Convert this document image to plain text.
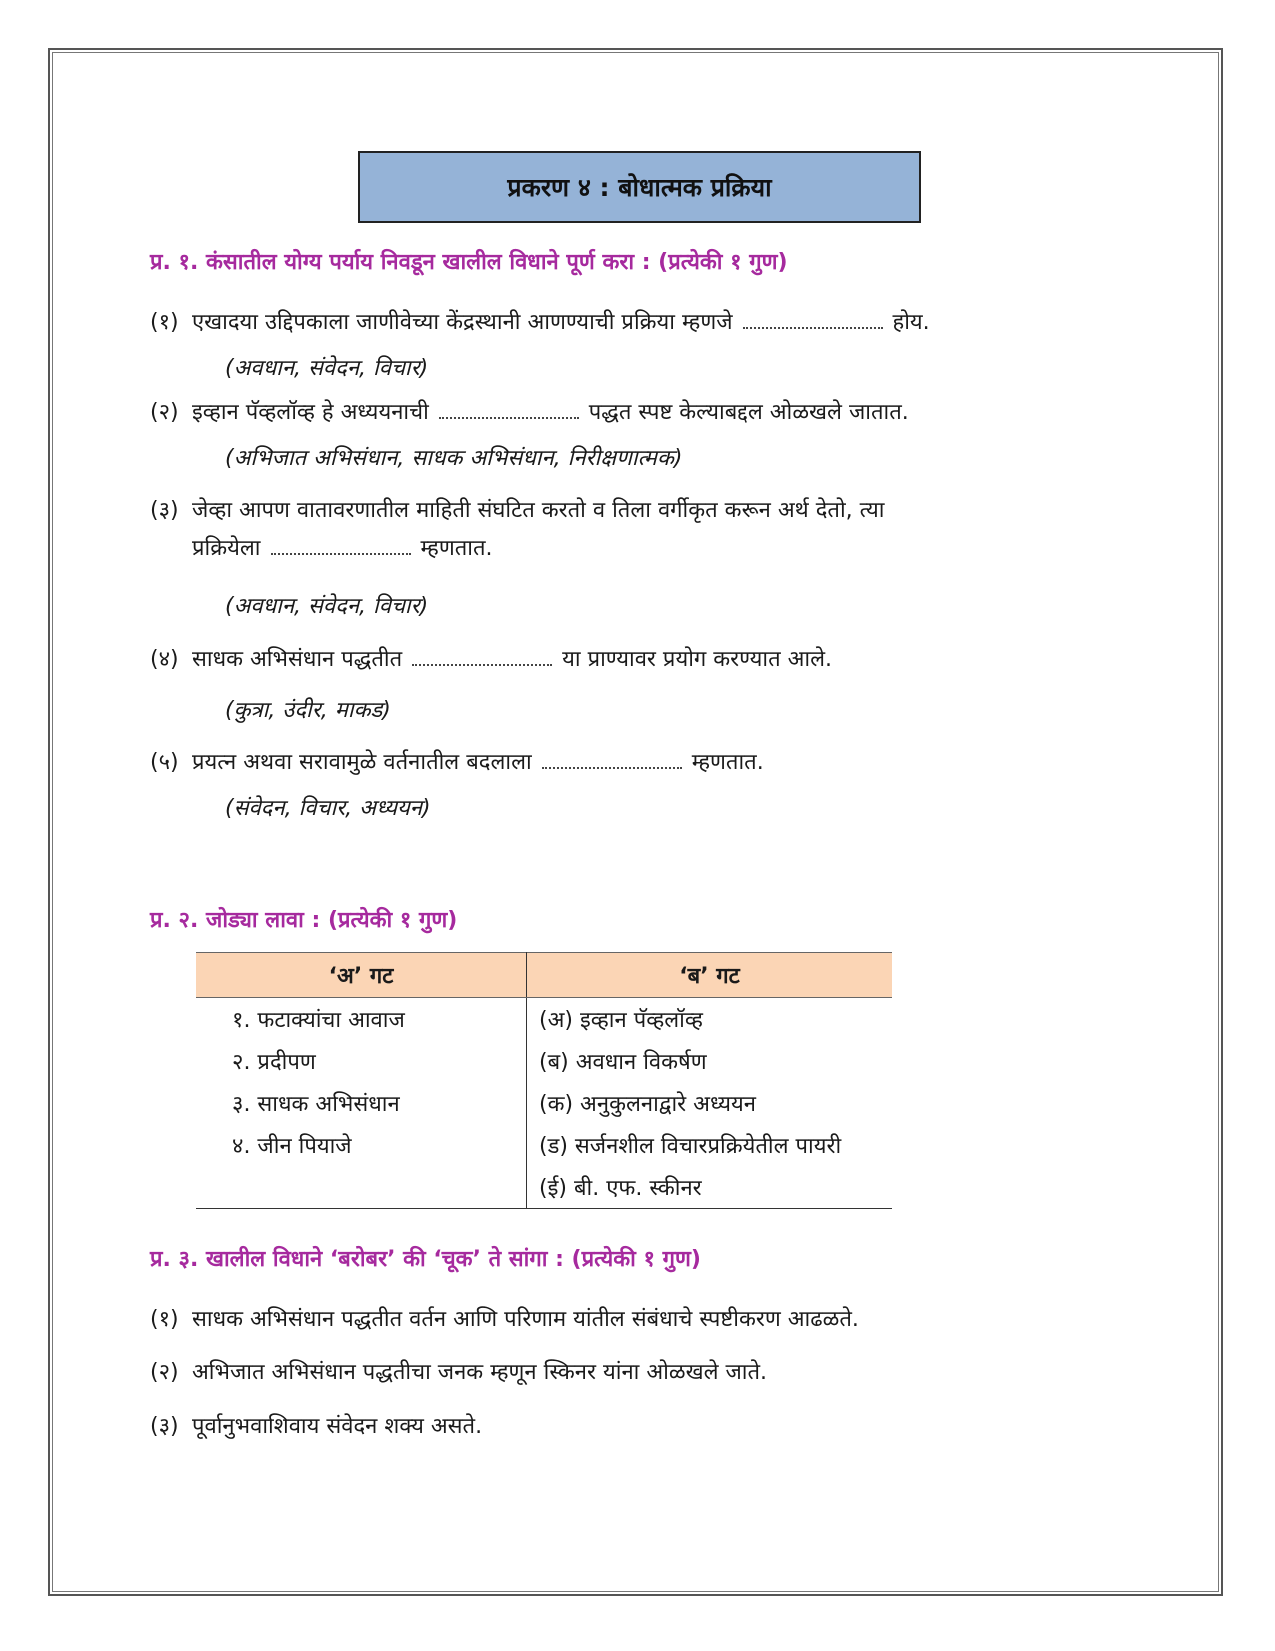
प्रकरण ४ : बोधात्मक प्रक्रिया
प्र. १. कंसातील योग्य पर्याय निवडून खालील विधाने पूर्ण करा : (प्रत्येकी १ गुण)
(१) एखादया उद्दिपकाला जाणीवेच्या केंद्रस्थानी आणण्याची प्रक्रिया म्हणजे	होय.
(अवधान, संवेदन, विचार)
(२) इव्हान पॅव्हलॉव्ह हे अध्ययनाची	पद्धत स्पष्ट केल्याबद्दल ओळखले जातात.
(अभिजात अभिसंधान, साधक अभिसंधान, निरीक्षणात्मक)
(३) जेव्हा आपण वातावरणातील माहिती संघटित करतो व तिला वर्गीकृत करून अर्थ देतो, त्या
प्रक्रियेला	म्हणतात.
(अवधान, संवेदन, विचार)
(४) साधक अभिसंधान पद्धतीत	या प्राण्यावर प्रयोग करण्यात आले.
(कुत्रा, उंदीर, माकड)
(५) प्रयत्न अथवा सरावामुळे वर्तनातील बदलाला	म्हणतात.
(संवेदन, विचार, अध्ययन)
प्र. २. जोड्या लावा : (प्रत्येकी १ गुण)
‘अ’ गट	‘ब’ गट
१. फटाक्यांचा आवाज	(अ) इव्हान पॅव्हलॉव्ह
२. प्रदीपण	(ब) अवधान विकर्षण
३. साधक अभिसंधान	(क) अनुकुलनाद्वारे अध्ययन
४. जीन पियाजे	(ड) सर्जनशील विचारप्रक्रियेतील पायरी
	(ई) बी. एफ. स्कीनर
प्र. ३. खालील विधाने ‘बरोबर’ की ‘चूक’ ते सांगा : (प्रत्येकी १ गुण)
(१) साधक अभिसंधान पद्धतीत वर्तन आणि परिणाम यांतील संबंधाचे स्पष्टीकरण आढळते.
(२) अभिजात अभिसंधान पद्धतीचा जनक म्हणून स्किनर यांना ओळखले जाते.
(३) पूर्वानुभवाशिवाय संवेदन शक्य असते.
